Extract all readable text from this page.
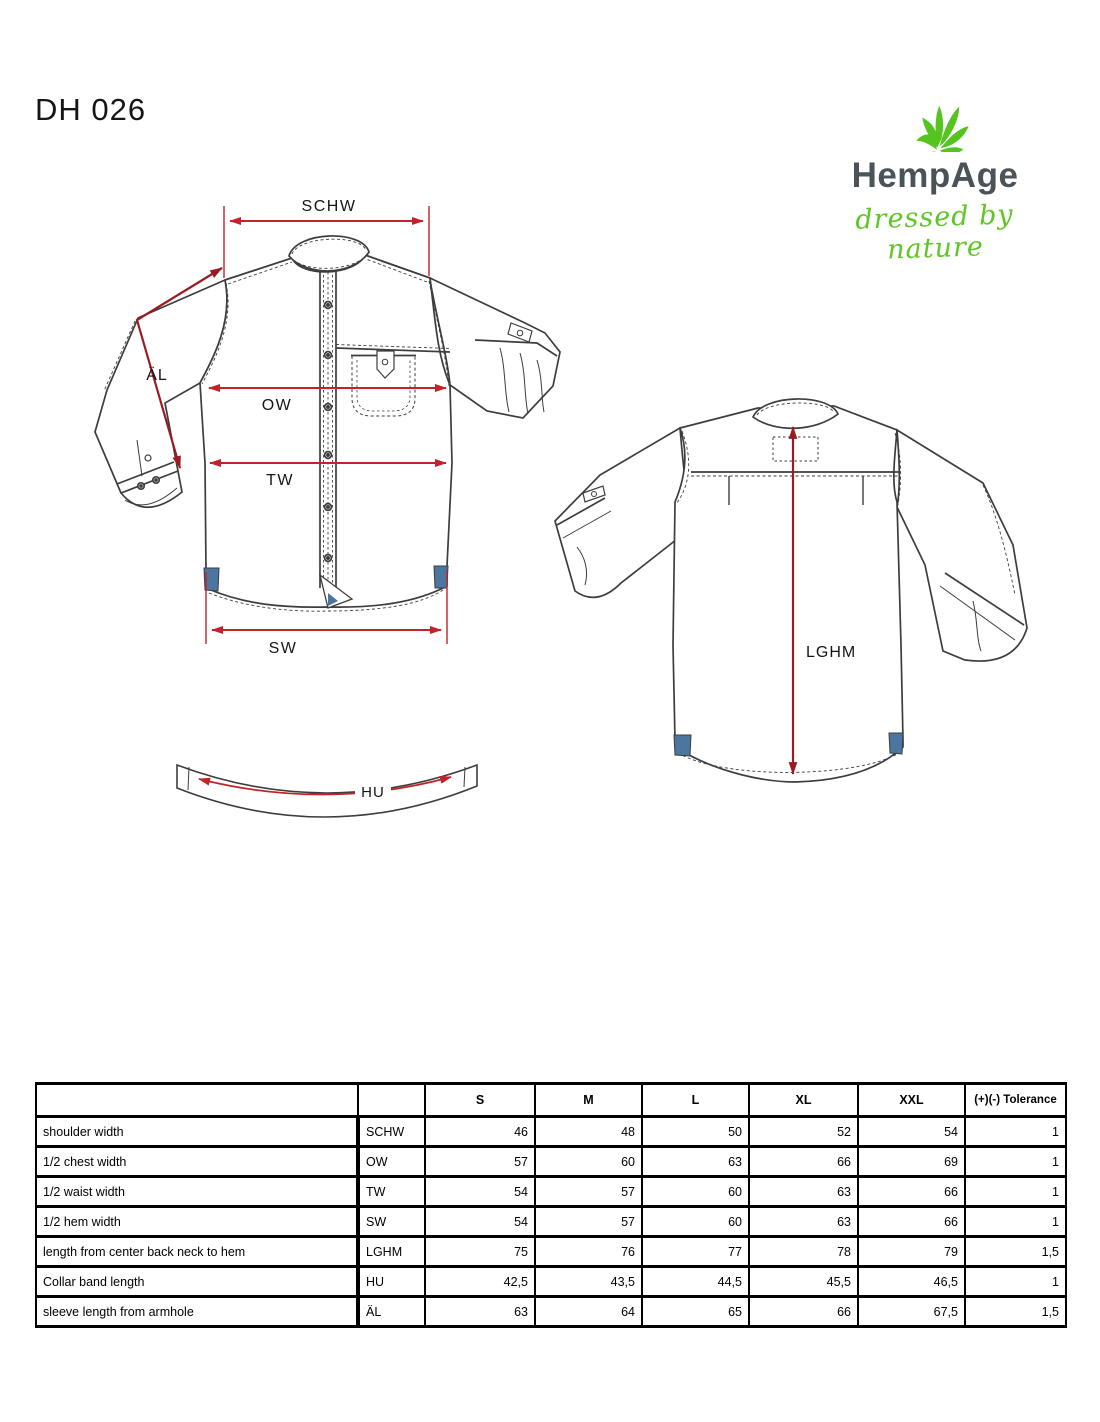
DH 026
HempAge
dressed by nature
SCHW
ÄL
OW
TW
SW
HU
LGHM
		S	M	L	XL	XXL	(+)(-) Tolerance
shoulder width	SCHW	46	48	50	52	54	1
1/2 chest width	OW	57	60	63	66	69	1
1/2 waist width	TW	54	57	60	63	66	1
1/2 hem width	SW	54	57	60	63	66	1
length from center back neck to hem	LGHM	75	76	77	78	79	1,5
Collar band length	HU	42,5	43,5	44,5	45,5	46,5	1
sleeve length from armhole	ÄL	63	64	65	66	67,5	1,5
